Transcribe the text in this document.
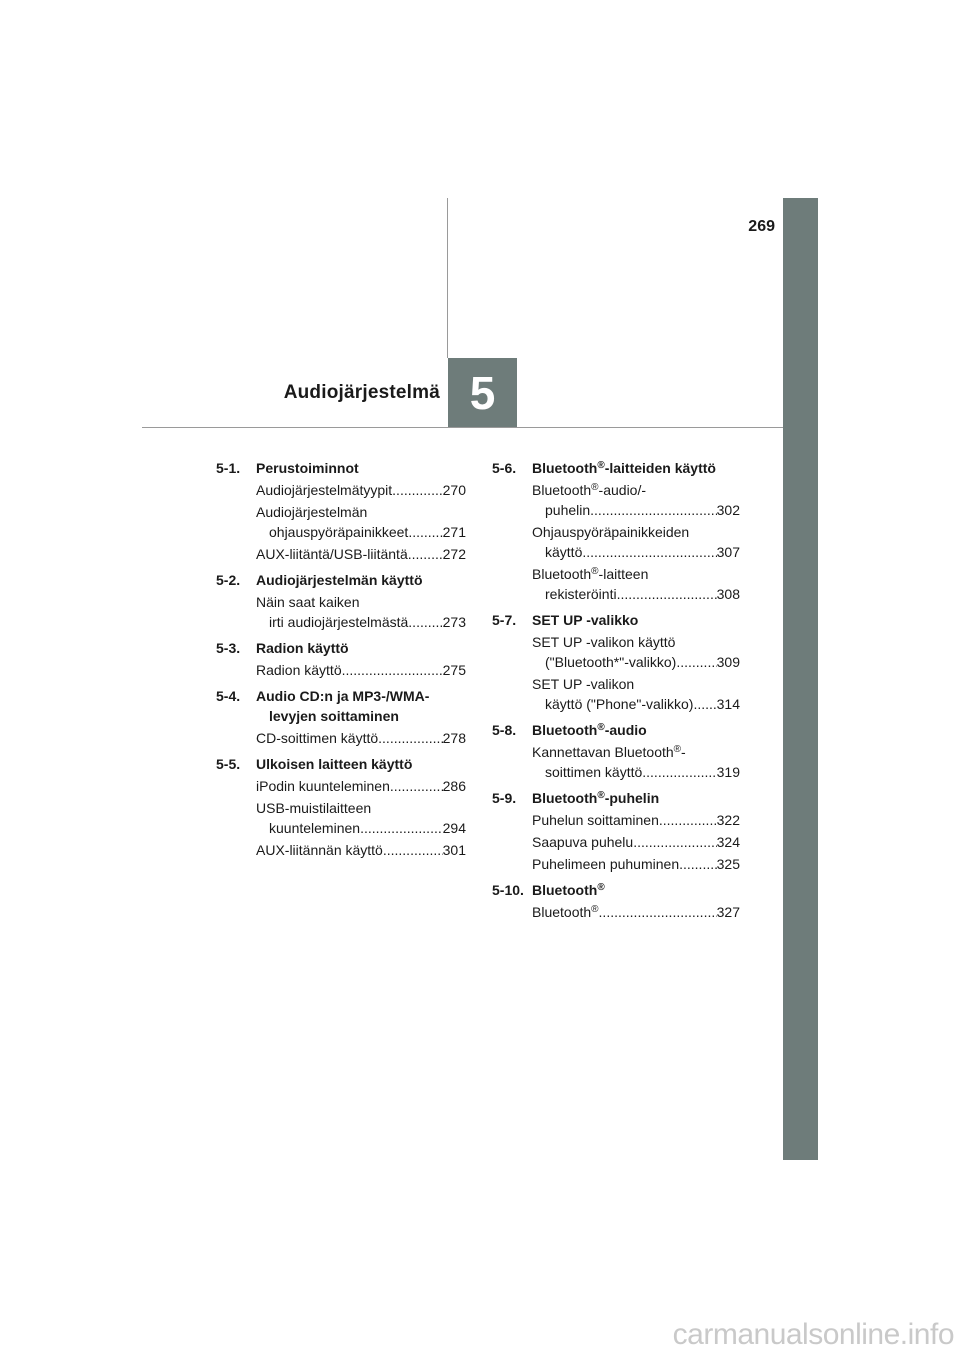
269
Audiojärjestelmä 5
5-1.	Perustoiminnot
Audiojärjestelmätyypit .....	270
Audiojärjestelmän
ohjauspyöräpainikkeet ..... 271
AUX-liitäntä/USB-liitäntä ..... 272
5-2.	Audiojärjestelmän käyttö
Näin saat kaiken
irti audiojärjestelmästä ..... 273
5-3.	Radion käyttö
Radion käyttö .....	275
5-4.	Audio CD:n ja MP3-/WMA-levyjen soittaminen
CD-soittimen käyttö .....	278
5-5.	Ulkoisen laitteen käyttö
iPodin kuunteleminen .....	286
USB-muistilaitteen
kuunteleminen .....	294
AUX-liitännän käyttö .....	301
5-6.	Bluetooth®-laitteiden käyttö
Bluetooth®-audio/-
puhelin .....	302
Ohjauspyöräpainikkeiden
käyttö .....	307
Bluetooth®-laitteen
rekisteröinti .....	308
5-7.	SET UP -valikko
SET UP -valikon käyttö
("Bluetooth*"-valikko) .....	309
SET UP -valikon
käyttö ("Phone"-valikko) ..... 314
5-8.	Bluetooth®-audio
Kannettavan Bluetooth®-
soittimen käyttö .....	319
5-9.	Bluetooth®-puhelin
Puhelun soittaminen .....	322
Saapuva puhelu .....	324
Puhelimeen puhuminen .....	325
5-10. Bluetooth®
Bluetooth® .....	327
carmanualsonline.info
